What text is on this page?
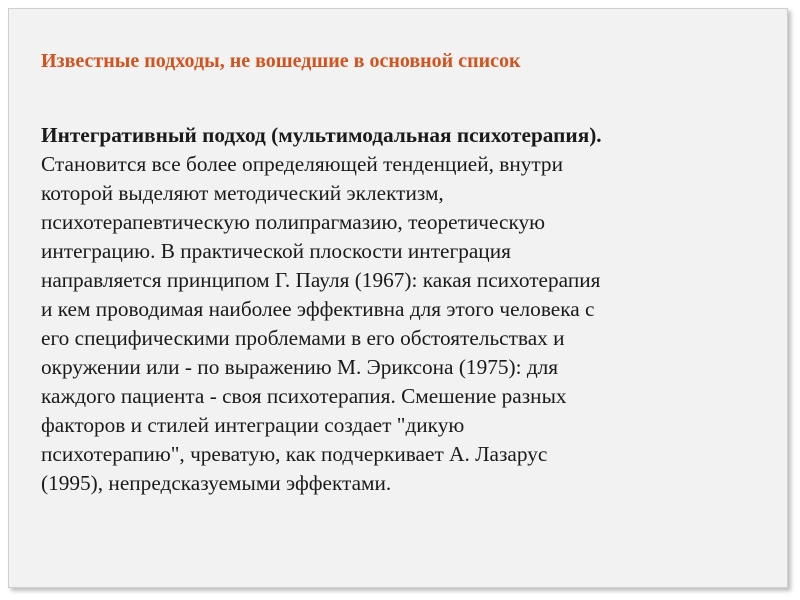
Известные подходы, не вошедшие в основной список
Интегративный подход (мультимодальная психотерапия).
Становится все более определяющей тенденцией, внутри
которой выделяют методический эклектизм,
психотерапевтическую полипрагмазию, теоретическую
интеграцию. В практической плоскости интеграция
направляется принципом Г. Пауля (1967): какая психотерапия
и кем проводимая наиболее эффективна для этого человека с
его специфическими проблемами в его обстоятельствах и
окружении или - по выражению М. Эриксона (1975): для
каждого пациента - своя психотерапия. Смешение разных
факторов и стилей интеграции создает "дикую
психотерапию", чреватую, как подчеркивает А. Лазарус
(1995), непредсказуемыми эффектами.
